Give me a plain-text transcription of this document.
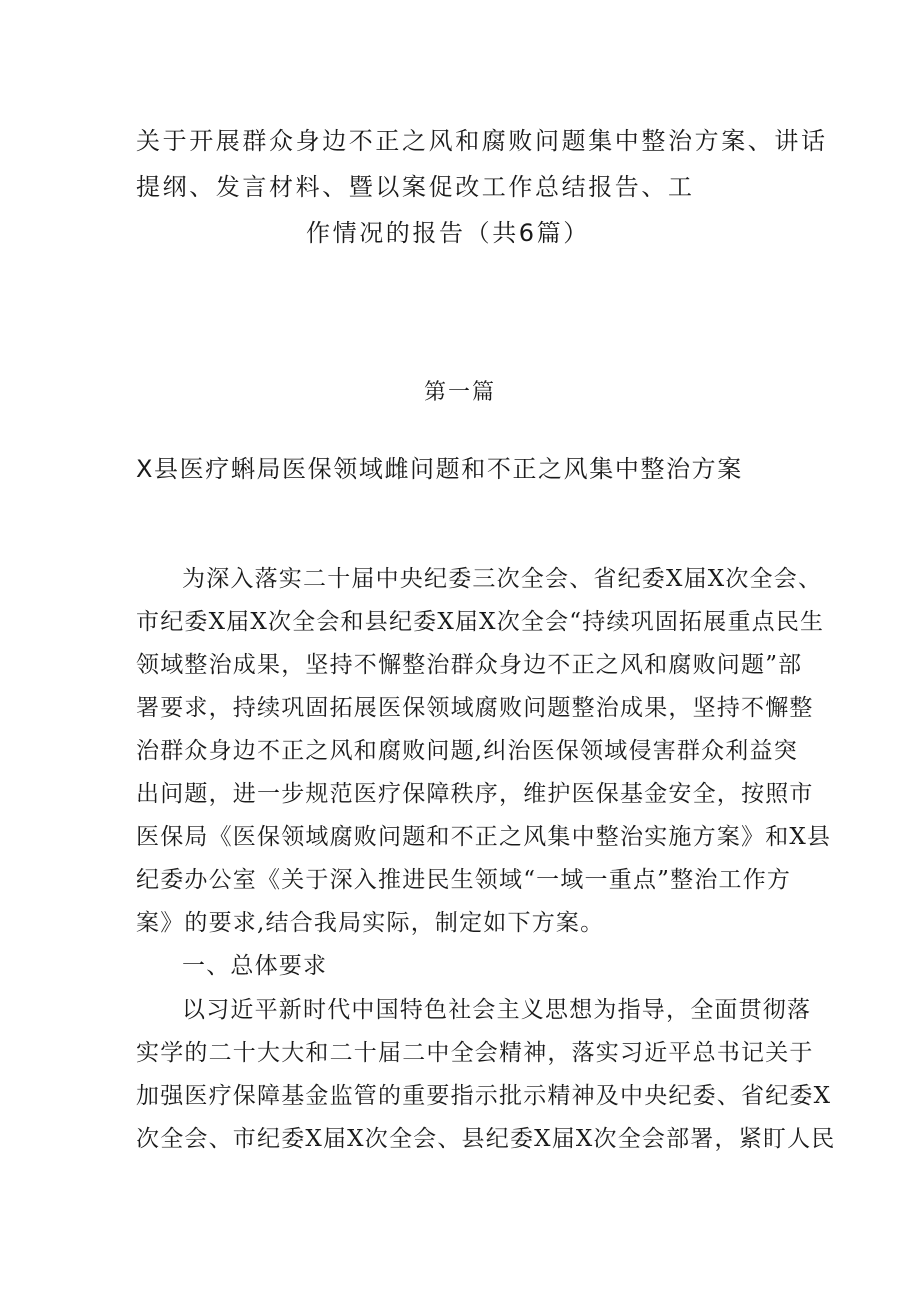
关于开展群众身边不正之风和腐败问题集中整治方案、讲话
提纲、发言材料、暨以案促改工作总结报告、工
作情况的报告（共6篇）
第一篇
X县医疗蝌局医保领域雌问题和不正之风集中整治方案
为深入落实二十届中央纪委三次全会、省纪委X届X次全会、
市纪委X届X次全会和县纪委X届X次全会“持续巩固拓展重点民生
领域整治成果，坚持不懈整治群众身边不正之风和腐败问题”部
署要求，持续巩固拓展医保领域腐败问题整治成果，坚持不懈整
治群众身边不正之风和腐败问题,纠治医保领域侵害群众利益突
出问题，进一步规范医疗保障秩序，维护医保基金安全，按照市
医保局《医保领域腐败问题和不正之风集中整治实施方案》和X县
纪委办公室《关于深入推进民生领域“一域一重点”整治工作方
案》的要求,结合我局实际，制定如下方案。
一、总体要求
以习近平新时代中国特色社会主义思想为指导，全面贯彻落
实学的二十大大和二十届二中全会精神，落实习近平总书记关于
加强医疗保障基金监管的重要指示批示精神及中央纪委、省纪委X
次全会、市纪委X届X次全会、县纪委X届X次全会部署，紧盯人民
